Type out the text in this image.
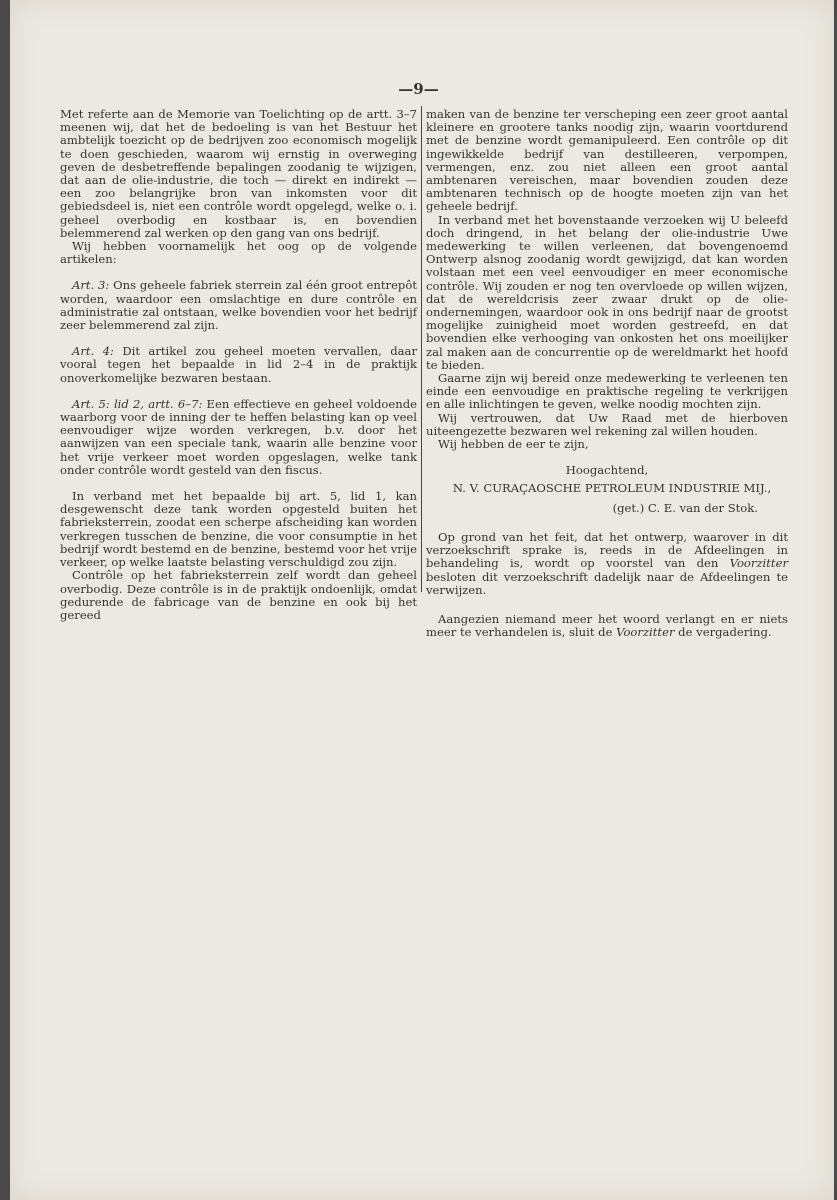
—9—

Met referte aan de Memorie van Toelichting op de artt. 3–7 meenen wij, dat het de bedoeling is van het Bestuur het ambtelijk toezicht op de bedrijven zoo economisch mogelijk te doen geschieden, waarom wij ernstig in overweging geven de desbetreffende bepalingen zoodanig te wijzigen, dat aan de olie-industrie, die toch — direkt en indirekt — een zoo belangrijke bron van inkomsten voor dit gebiedsdeel is, niet een contrôle wordt opgelegd, welke o. i. geheel overbodig en kostbaar is, en bovendien belemmerend zal werken op den gang van ons bedrijf.

Wij hebben voornamelijk het oog op de volgende artikelen:

Art. 3: Ons geheele fabriek sterrein zal één groot entrepôt worden, waardoor een omslachtige en dure contrôle en administratie zal ontstaan, welke bovendien voor het bedrijf zeer belemmerend zal zijn.

Art. 4: Dit artikel zou geheel moeten vervallen, daar vooral tegen het bepaalde in lid 2–4 in de praktijk onoverkomelijke bezwaren bestaan.

Art. 5: lid 2, artt. 6–7: Een effectieve en geheel voldoende waarborg voor de inning der te heffen belasting kan op veel eenvoudiger wijze worden verkregen, b.v. door het aanwijzen van een speciale tank, waarin alle benzine voor het vrije verkeer moet worden opgeslagen, welke tank onder contrôle wordt gesteld van den fiscus.

In verband met het bepaalde bij art. 5, lid 1, kan desgewenscht deze tank worden opgesteld buiten het fabrieksterrein, zoodat een scherpe afscheiding kan worden verkregen tusschen de benzine, die voor consumptie in het bedrijf wordt bestemd en de benzine, bestemd voor het vrije verkeer, op welke laatste belasting verschuldigd zou zijn.

Contrôle op het fabrieksterrein zelf wordt dan geheel overbodig. Deze contrôle is in de praktijk ondoenlijk, omdat gedurende de fabricage van de benzine en ook bij het gereed

maken van de benzine ter verscheping een zeer groot aantal kleinere en grootere tanks noodig zijn, waarin voortdurend met de benzine wordt gemanipuleerd. Een contrôle op dit ingewikkelde bedrijf van destilleeren, verpompen, vermengen, enz. zou niet alleen een groot aantal ambtenaren vereischen, maar bovendien zouden deze ambtenaren technisch op de hoogte moeten zijn van het geheele bedrijf.

In verband met het bovenstaande verzoeken wij U beleefd doch dringend, in het belang der olie-industrie Uwe medewerking te willen verleenen, dat bovengenoemd Ontwerp alsnog zoodanig wordt gewijzigd, dat kan worden volstaan met een veel eenvoudiger en meer economische contrôle. Wij zouden er nog ten overvloede op willen wijzen, dat de wereldcrisis zeer zwaar drukt op de olie-ondernemingen, waardoor ook in ons bedrijf naar de grootst mogelijke zuinigheid moet worden gestreefd, en dat bovendien elke verhooging van onkosten het ons moeilijker zal maken aan de concurrentie op de wereldmarkt het hoofd te bieden.

Gaarne zijn wij bereid onze medewerking te verleenen ten einde een eenvoudige en praktische regeling te verkrijgen en alle inlichtingen te geven, welke noodig mochten zijn.

Wij vertrouwen, dat Uw Raad met de hierboven uiteengezette bezwaren wel rekening zal willen houden.

Wij hebben de eer te zijn,

Hoogachtend,

N. V. CURAÇAOSCHE PETROLEUM INDUSTRIE MIJ.,

(get.) C. E. van der Stok.

Op grond van het feit, dat het ontwerp, waarover in dit verzoekschrift sprake is, reeds in de Afdeelingen in behandeling is, wordt op voorstel van den Voorzitter besloten dit verzoekschrift dadelijk naar de Afdeelingen te verwijzen.

Aangezien niemand meer het woord verlangt en er niets meer te verhandelen is, sluit de Voorzitter de vergadering.
